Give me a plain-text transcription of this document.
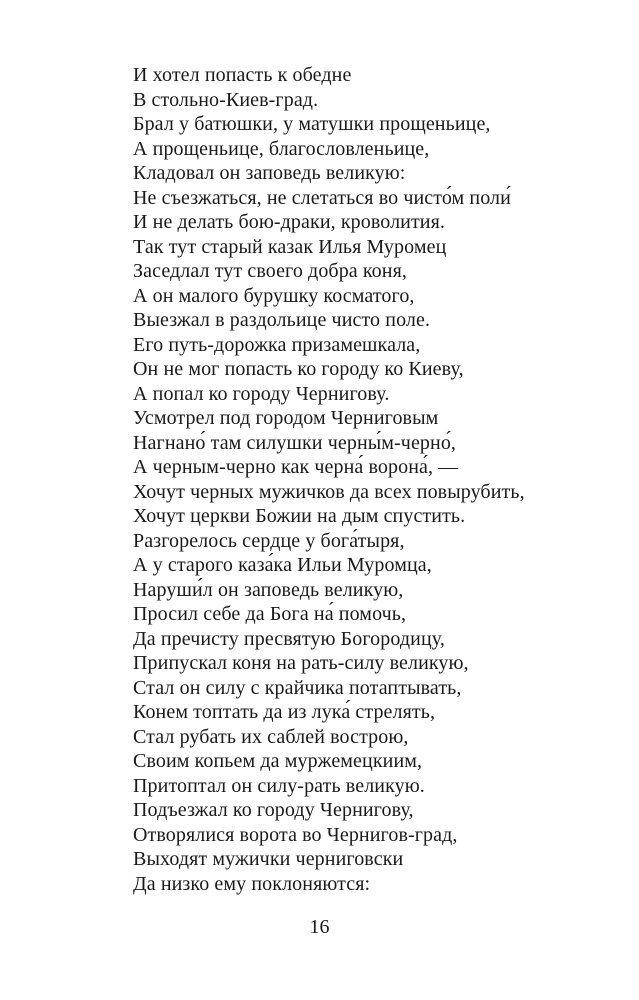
И хотел попасть к обедне
В стольно-Киев-град.
Брал у батюшки, у матушки прощеньице,
А прощеньице, благословленьице,
Кладовал он заповедь великую:
Не съезжаться, не слетаться во чисто́м поли́
И не делать бою-драки, кроволития.
Так тут старый казак Илья Муромец
Заседлал тут своего добра коня,
А он малого бурушку косматого,
Выезжал в раздольице чисто поле.
Его путь-дорожка призамешкала,
Он не мог попасть ко городу ко Киеву,
А попал ко городу Чернигову.
Усмотрел под городом Черниговым
Нагнано́ там силушки черны́м-черно́,
А черным-черно как черна́ ворона́, —
Хочут черных мужичков да всех повырубить,
Хочут церкви Божии на дым спустить.
Разгорелось сердце у бога́тыря,
А у старого каза́ка Ильи Муромца,
Наруши́л он заповедь великую,
Просил себе да Бога на́ помочь,
Да пречисту пресвятую Богородицу,
Припускал коня на рать-силу великую,
Стал он силу с крайчика потаптывать,
Конем топтать да из лука́ стрелять,
Стал рубать их саблей вострою,
Своим копьем да муржемецкиим,
Притоптал он силу-рать великую.
Подъезжал ко городу Чернигову,
Отворялися ворота во Чернигов-град,
Выходят мужички черниговски
Да низко ему поклоняются:
16
